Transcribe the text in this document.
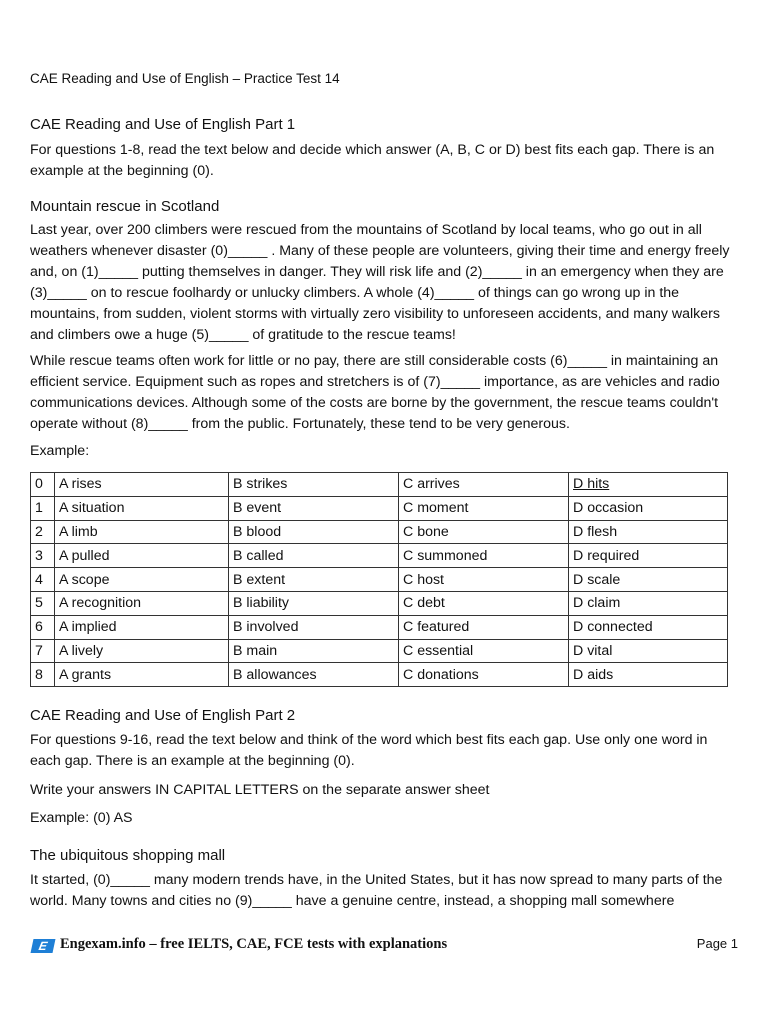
CAE Reading and Use of English – Practice Test 14
CAE Reading and Use of English Part 1

For questions 1-8, read the text below and decide which answer (A, B, C or D) best fits each gap. There is an example at the beginning (0).

Mountain rescue in Scotland

Last year, over 200 climbers were rescued from the mountains of Scotland by local teams, who go out in all weathers whenever disaster (0)_____ . Many of these people are volunteers, giving their time and energy freely and, on (1)_____ putting themselves in danger. They will risk life and (2)_____ in an emergency when they are (3)_____ on to rescue foolhardy or unlucky climbers. A whole (4)_____ of things can go wrong up in the mountains, from sudden, violent storms with virtually zero visibility to unforeseen accidents, and many walkers and climbers owe a huge (5)_____ of gratitude to the rescue teams!

While rescue teams often work for little or no pay, there are still considerable costs (6)_____ in maintaining an efficient service. Equipment such as ropes and stretchers is of (7)_____ importance, as are vehicles and radio communications devices. Although some of the costs are borne by the government, the rescue teams couldn't operate without (8)_____ from the public. Fortunately, these tend to be very generous.

Example:
0	A rises	B strikes	C arrives	D hits
1	A situation	B event	C moment	D occasion
2	A limb	B blood	C bone	D flesh
3	A pulled	B called	C summoned	D required
4	A scope	B extent	C host	D scale
5	A recognition	B liability	C debt	D claim
6	A implied	B involved	C featured	D connected
7	A lively	B main	C essential	D vital
8	A grants	B allowances	C donations	D aids
CAE Reading and Use of English Part 2

For questions 9-16, read the text below and think of the word which best fits each gap. Use only one word in each gap. There is an example at the beginning (0).

Write your answers IN CAPITAL LETTERS on the separate answer sheet

Example: (0) AS

The ubiquitous shopping mall

It started, (0)_____ many modern trends have, in the United States, but it has now spread to many parts of the world. Many towns and cities no (9)_____ have a genuine centre, instead, a shopping mall somewhere

E Engexam.info – free IELTS, CAE, FCE tests with explanations	Page 1
